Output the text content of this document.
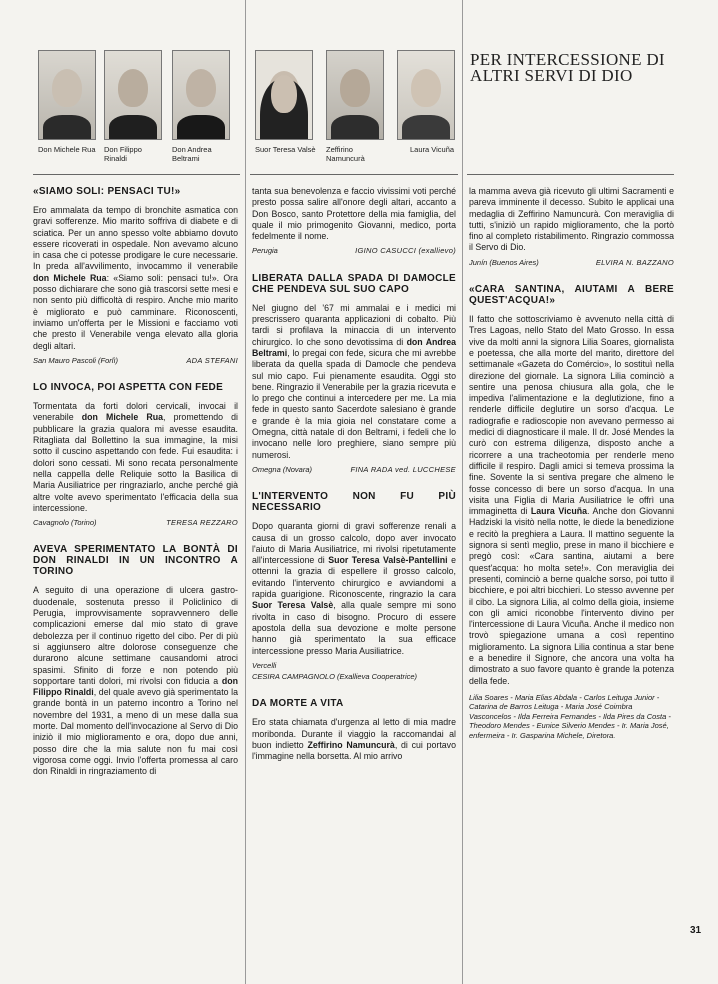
Don Michele Rua	Don Filippo Rinaldi
Don Andrea Beltrami
Suor Teresa Valsè Zeffirino Namuncurà
Laura Vicuña
PER INTERCESSIONE DI ALTRI SERVI DI DIO
«SIAMO SOLI: PENSACI TU!»

Ero ammalata da tempo di bronchite asmatica con gravi sofferenze. Mio marito soffriva di diabete e di sciatica. Per un anno spesso volte abbiamo dovuto essere ricoverati in ospedale. Non avevamo alcuno in casa che ci potesse prodigare le cure necessarie. In preda all'avvilimento, invocammo il venerabile don Michele Rua: «Siamo soli: pensaci tu!». Ora posso dichiarare che sono già trascorsi sette mesi e non sento più difficoltà di respiro. Anche mio marito è migliorato e può camminare. Riconoscenti, inviamo un'offerta per le Missioni e facciamo voti che presto il Venerabile venga elevato alla gloria degli altari.

San Mauro Pascoli (Forlì)	ADA STEFANI
LO INVOCA, POI ASPETTA CON FEDE

Tormentata da forti dolori cervicali, invocai il venerabile don Michele Rua, promettendo di pubblicare la grazia qualora mi avesse esaudita. Ritagliata dal Bollettino la sua immagine, la misi sotto il cuscino aspettando con fede. Fui esaudita: i dolori sono cessati. Mi sono recata personalmente nella cappella delle Reliquie sotto la Basilica di Maria Ausiliatrice per ringraziarlo, anche perché già altre volte avevo sperimentato l'efficacia della sua intercessione.

Cavagnolo (Torino)	TERESA REZZARO
AVEVA SPERIMENTATO LA BONTÀ DI DON RINALDI IN UN INCONTRO A TORINO

A seguito di una operazione di ulcera gastro-duodenale, sostenuta presso il Policlinico di Perugia, improvvisamente sopravvennero delle complicazioni emerse dal mio stato di grave debolezza per il continuo rigetto del cibo. Per di più si aggiunsero altre dolorose conseguenze che durarono alcune settimane causandomi atroci spasimi. Sfinito di forze e non potendo più sopportare tanti dolori, mi rivolsi con fiducia a don Filippo Rinaldi, del quale avevo già sperimentato la grande bontà in un paterno incontro a Torino nel novembre del 1931, a meno di un mese dalla sua morte. Dal momento dell'invocazione al Servo di Dio iniziò il mio miglioramento e ora, dopo due anni, posso dire che la mia salute non fu mai così vigorosa come oggi. Invio l'offerta promessa al caro don Rinaldi in ringraziamento di

tanta sua benevolenza e faccio vivissimi voti perché presto possa salire all'onore degli altari, accanto a Don Bosco, santo Protettore della mia famiglia, del quale il mio primogenito Giovanni, medico, porta fedelmente il nome.

Perugia	IGINO CASUCCI (exallievo)
LIBERATA DALLA SPADA DI DAMOCLE CHE PENDEVA SUL SUO CAPO

Nel giugno del '67 mi ammalai e i medici mi prescrissero quaranta applicazioni di cobalto. Più tardi si profilava la minaccia di un intervento chirurgico. Io che sono devotissima di don Andrea Beltrami, lo pregai con fede, sicura che mi avrebbe liberata da quella spada di Damocle che pendeva sul mio capo. Fui pienamente esaudita. Oggi sto bene. Ringrazio il Venerabile per la grazia ricevuta e lo prego che continui a intercedere per me. La mia fede in questo santo Sacerdote salesiano è grande e grande è la mia gioia nel constatare come a Omegna, città natale di don Beltrami, i fedeli che lo invocano nelle loro preghiere, siano sempre più numerosi.

Omegna (Novara)	FINA RADA ved. LUCCHESE
L'INTERVENTO NON FU PIÙ NECESSARIO

Dopo quaranta giorni di gravi sofferenze renali a causa di un grosso calcolo, dopo aver invocato l'aiuto di Maria Ausiliatrice, mi rivolsi ripetutamente all'intercessione di Suor Teresa Valsè-Pantellini e ottenni la grazia di espellere il grosso calcolo, evitando l'intervento chirurgico e avviandomi a rapida guarigione. Riconoscente, ringrazio la cara Suor Teresa Valsè, alla quale sempre mi sono rivolta in caso di bisogno. Procuro di essere apostola della sua devozione e molte persone hanno già sperimentato la sua efficace intercessione presso Maria Ausiliatrice.

Vercelli
CESIRA CAMPAGNOLO (Exallieva Cooperatrice)
DA MORTE A VITA

Ero stata chiamata d'urgenza al letto di mia madre moribonda. Durante il viaggio la raccomandai al buon indietto Zeffirino Namuncurà, di cui portavo l'immagine nella borsetta. Al mio arrivo

la mamma aveva già ricevuto gli ultimi Sacramenti e pareva imminente il decesso. Subito le applicai una medaglia di Zeffirino Namuncurà. Con meraviglia di tutti, s'iniziò un rapido miglioramento, che la portò fino al completo ristabilimento. Ringrazio commossa il Servo di Dio.

Junín (Buenos Aires)	ELVIRA N. BAZZANO
«CARA SANTINA, AIUTAMI A BERE QUEST'ACQUA!»

Il fatto che sottoscriviamo è avvenuto nella città di Tres Lagoas, nello Stato del Mato Grosso. In essa vive da molti anni la signora Lilia Soares, giornalista e poetessa, che alla morte del marito, direttore del settimanale «Gazeta do Comércio», lo sostituì nella direzione del giornale. La signora Lilia cominciò a sentire una penosa chiusura alla gola, che le impediva l'alimentazione e la deglutizione, fino a renderle difficile deglutire un sorso d'acqua. Le radiografie e radioscopie non avevano permesso ai medici di diagnosticare il male. Il dr. José Mendes la curò con estrema diligenza, disposto anche a ricorrere a una tracheotomia per renderle meno difficile il respiro. Dagli amici si temeva prossima la fine. Sovente la si sentiva pregare che almeno le fosse concesso di bere un sorso d'acqua. In una visita una Figlia di Maria Ausiliatrice le offrì una immaginetta di Laura Vicuña. Anche don Giovanni Hadziski la visitò nella notte, le diede la benedizione e recitò la preghiera a Laura. Il mattino seguente la signora si sentì meglio, prese in mano il bicchiere e pregò così: «Cara santina, aiutami a bere quest'acqua: ho molta sete!». Con meraviglia dei presenti, cominciò a berne qualche sorso, poi tutto il bicchiere, e poi altri bicchieri. Lo stesso avvenne per il cibo. La signora Lilia, al colmo della gioia, insieme con gli amici riconobbe l'intervento divino per l'intercessione di Laura Vicuña. Anche il medico non trovò spiegazione umana a così repentino miglioramento. La signora Lilia continua a star bene e a benedire il Signore, che ancora una volta ha dimostrato a suo favore quanto è grande la potenza della fede.

Lilia Soares - Maria Elias Abdala - Carlos Leituga Junior - Catarina de Barros Leituga - Maria José Coimbra Vasconcelos - Ilda Ferreira Fernandes - Ilda Pires da Costa - Theodoro Mendes - Eunice Silverio Mendes - Ir. Maria José, enfermeira - Ir. Gasparina Michele, Diretora.
31
